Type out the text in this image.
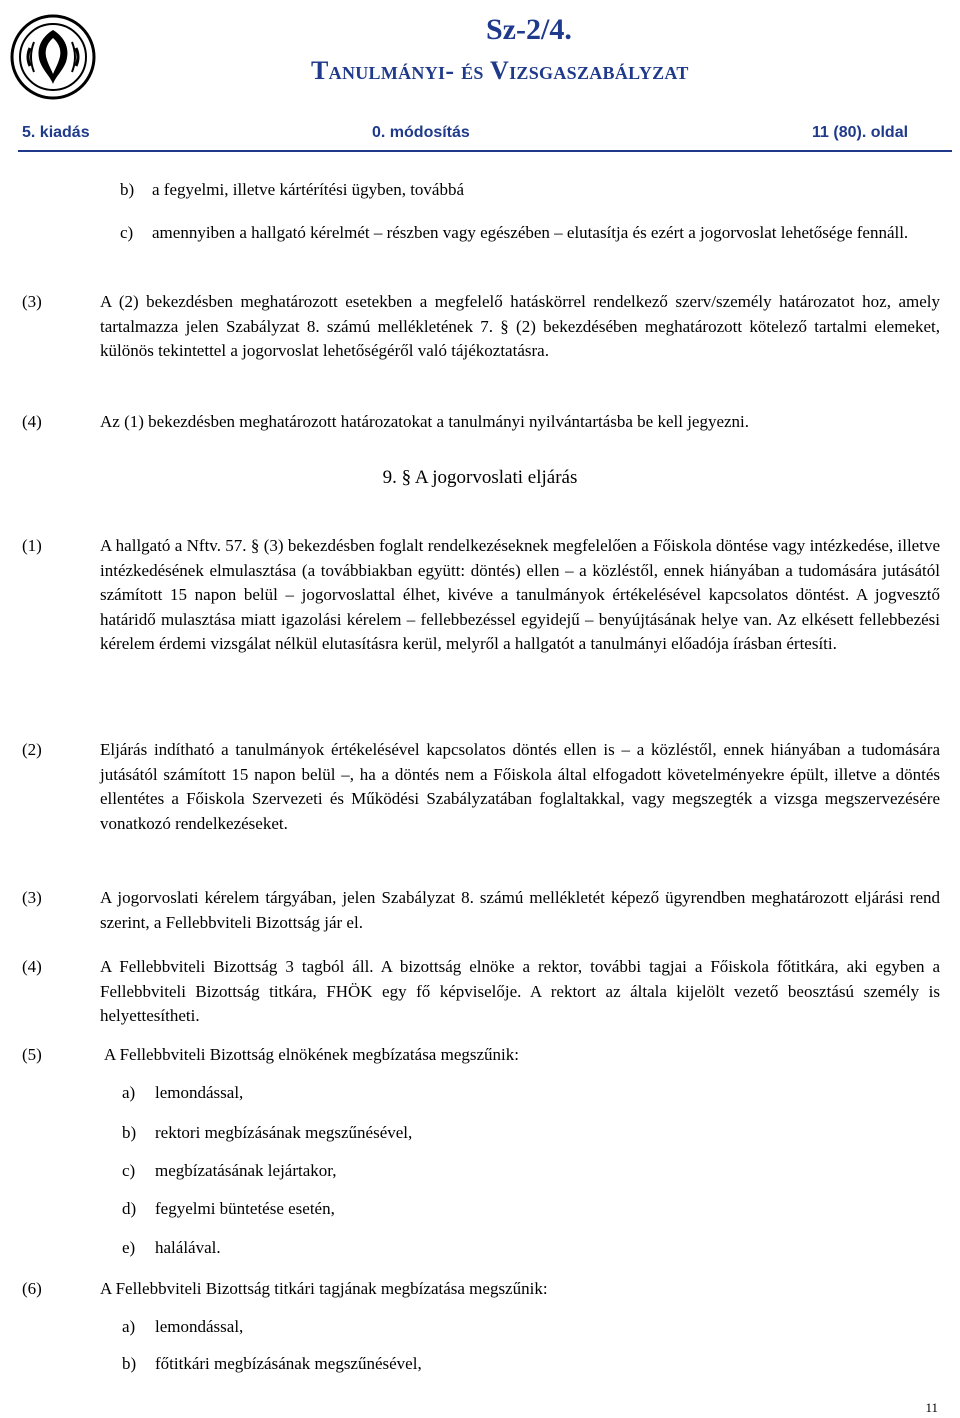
Sz-2/4.
Tanulmányi- és Vizsgaszabályzat
5. kiadás	0. módosítás	11 (80). oldal
b) a fegyelmi, illetve kártérítési ügyben, továbbá
c) amennyiben a hallgató kérelmét – részben vagy egészében – elutasítja és ezért a jogorvoslat lehetősége fennáll.
(3)	A (2) bekezdésben meghatározott esetekben a megfelelő hatáskörrel rendelkező szerv/személy határozatot hoz, amely tartalmazza jelen Szabályzat 8. számú mellékletének 7. § (2) bekezdésében meghatározott kötelező tartalmi elemeket, különös tekintettel a jogorvoslat lehetőségéről való tájékoztatásra.
(4)	Az (1) bekezdésben meghatározott határozatokat a tanulmányi nyilvántartásba be kell jegyezni.
9. § A jogorvoslati eljárás
(1)	A hallgató a Nftv. 57. § (3) bekezdésben foglalt rendelkezéseknek megfelelően a Főiskola döntése vagy intézkedése, illetve intézkedésének elmulasztása (a továbbiakban együtt: döntés) ellen – a közléstől, ennek hiányában a tudomására jutásától számított 15 napon belül – jogorvoslattal élhet, kivéve a tanulmányok értékelésével kapcsolatos döntést. A jogvesztő határidő mulasztása miatt igazolási kérelem – fellebbezéssel egyidejű – benyújtásának helye van. Az elkésett fellebbezési kérelem érdemi vizsgálat nélkül elutasításra kerül, melyről a hallgatót a tanulmányi előadója írásban értesíti.
(2)	Eljárás indítható a tanulmányok értékelésével kapcsolatos döntés ellen is – a közléstől, ennek hiányában a tudomására jutásától számított 15 napon belül –, ha a döntés nem a Főiskola által elfogadott követelményekre épült, illetve a döntés ellentétes a Főiskola Szervezeti és Működési Szabályzatában foglaltakkal, vagy megszegték a vizsga megszervezésére vonatkozó rendelkezéseket.
(3)	A jogorvoslati kérelem tárgyában, jelen Szabályzat 8. számú mellékletét képező ügyrendben meghatározott eljárási rend szerint, a Fellebbviteli Bizottság jár el.
(4)	A Fellebbviteli Bizottság 3 tagból áll. A bizottság elnöke a rektor, további tagjai a Főiskola főtitkára, aki egyben a Fellebbviteli Bizottság titkára, FHÖK egy fő képviselője. A rektort az általa kijelölt vezető beosztású személy is helyettesítheti.
(5)	A Fellebbviteli Bizottság elnökének megbízatása megszűnik:
a) lemondással,
b) rektori megbízásának megszűnésével,
c) megbízatásának lejártakor,
d) fegyelmi büntetése esetén,
e) halálával.
(6)	A Fellebbviteli Bizottság titkári tagjának megbízatása megszűnik:
a) lemondással,
b) főtitkári megbízásának megszűnésével,
11
